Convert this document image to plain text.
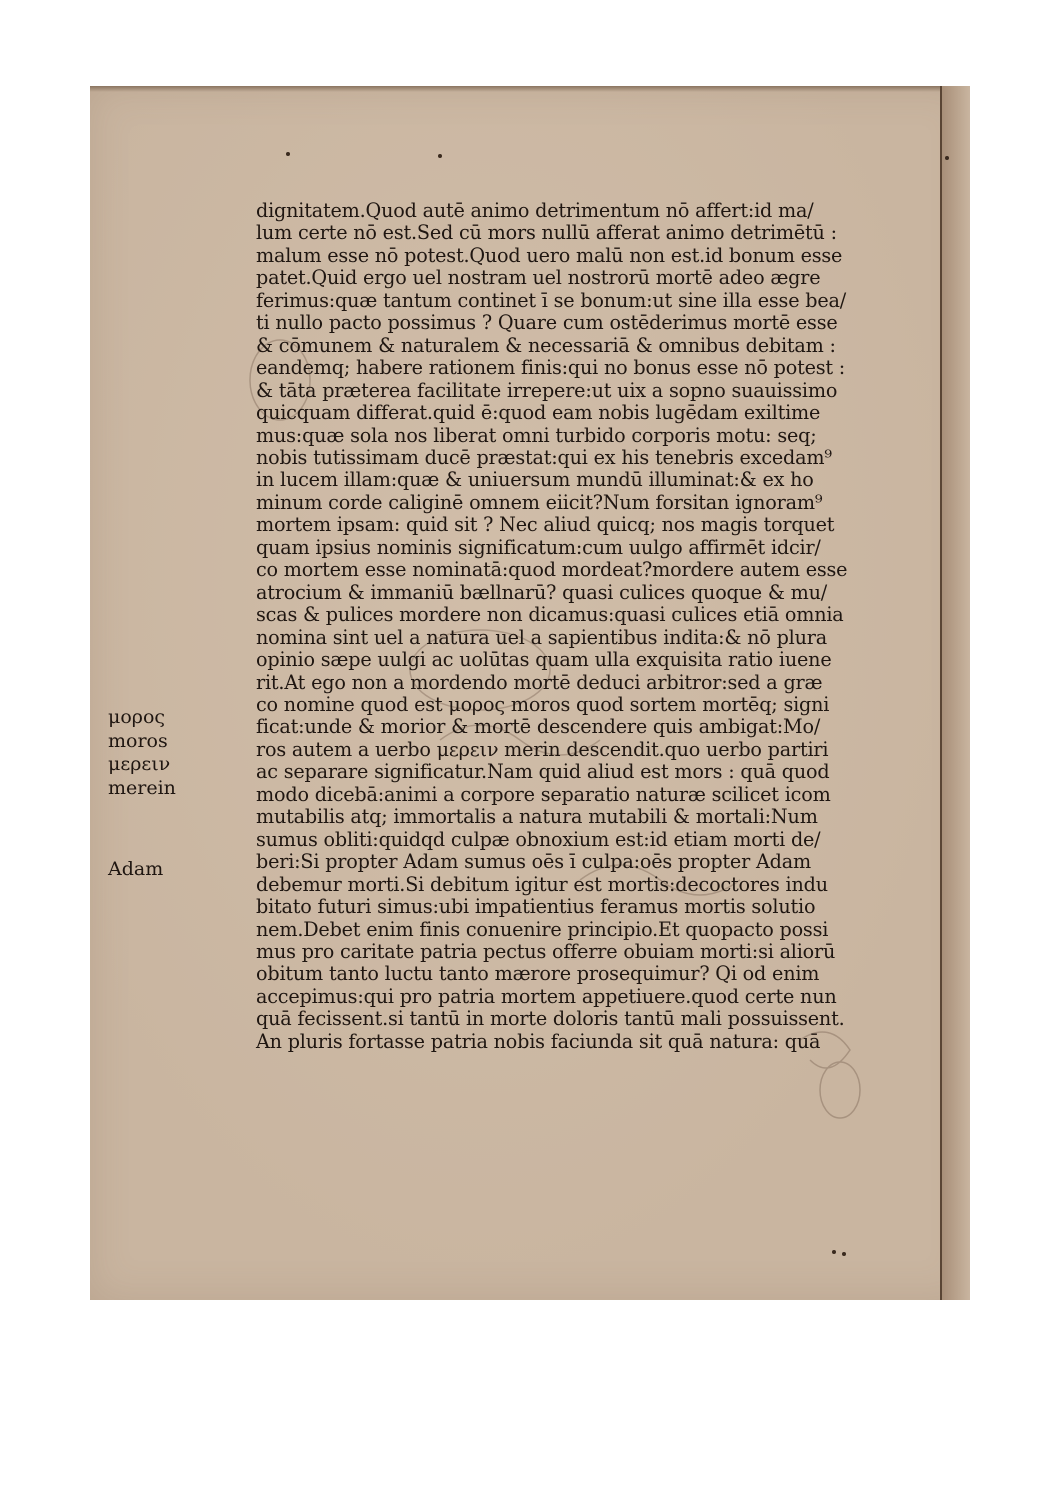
dignitatem.Quod autē animo detrimentum nō affert:id ma/
lum certe nō est.Sed cū mors nullū afferat animo detrimētū :
malum esse nō potest.Quod uero malū non est.id bonum esse
patet.Quid ergo uel nostram uel nostrorū mortē adeo ægre
ferimus:quæ tantum continet ī se bonum:ut sine illa esse bea/
ti nullo pacto possimus ? Quare cum ostēderimus mortē esse
& cōmunem & naturalem & necessariā & omnibus debitam :
eandemq; habere rationem finis:qui no bonus esse nō potest :
& tāta præterea facilitate irrepere:ut uix a sopno suauissimo
quicquam differat.quid ē:quod eam nobis lugēdam exiltime
mus:quæ sola nos liberat omni turbido corporis motu: seq;
nobis tutissimam ducē præstat:qui ex his tenebris excedam⁹
in lucem illam:quæ & uniuersum mundū illuminat:& ex ho
minum corde caliginē omnem eiicit?Num forsitan ignoram⁹
mortem ipsam: quid sit ? Nec aliud quicq; nos magis torquet
quam ipsius nominis significatum:cum uulgo affirmēt idcir/
co mortem esse nominatā:quod mordeat?mordere autem esse
atrocium & immaniū bællnarū? quasi culices quoque & mu/
scas & pulices mordere non dicamus:quasi culices etiā omnia
nomina sint uel a natura uel a sapientibus indita:& nō plura
opinio sæpe uulgi ac uolūtas quam ulla exquisita ratio iuene
rit.At ego non a mordendo mortē deduci arbitror:sed a græ
co nomine quod est μορος moros quod sortem mortēq; signi
ficat:unde & morior & mortē descendere quis ambigat:Mo/
ros autem a uerbo μερειν merin descendit.quo uerbo partiri
ac separare significatur.Nam quid aliud est mors : quā quod
modo dicebā:animi a corpore separatio naturæ scilicet icom
mutabilis atq; immortalis a natura mutabili & mortali:Num
sumus obliti:quidqd culpæ obnoxium est:id etiam morti de/
beri:Si propter Adam sumus oēs ī culpa:oēs propter Adam
debemur morti.Si debitum igitur est mortis:decoctores indu
bitato futuri simus:ubi impatientius feramus mortis solutio
nem.Debet enim finis conuenire principio.Et quopacto possi
mus pro caritate patria pectus offerre obuiam morti:si aliorū
obitum tanto luctu tanto mærore prosequimur? Qi od enim
accepimus:qui pro patria mortem appetiuere.quod certe nun
quā fecissent.si tantū in morte doloris tantū mali possuissent.
An pluris fortasse patria nobis faciunda sit quā natura: quā
μορος
moros
μερειν
merein
Adam
